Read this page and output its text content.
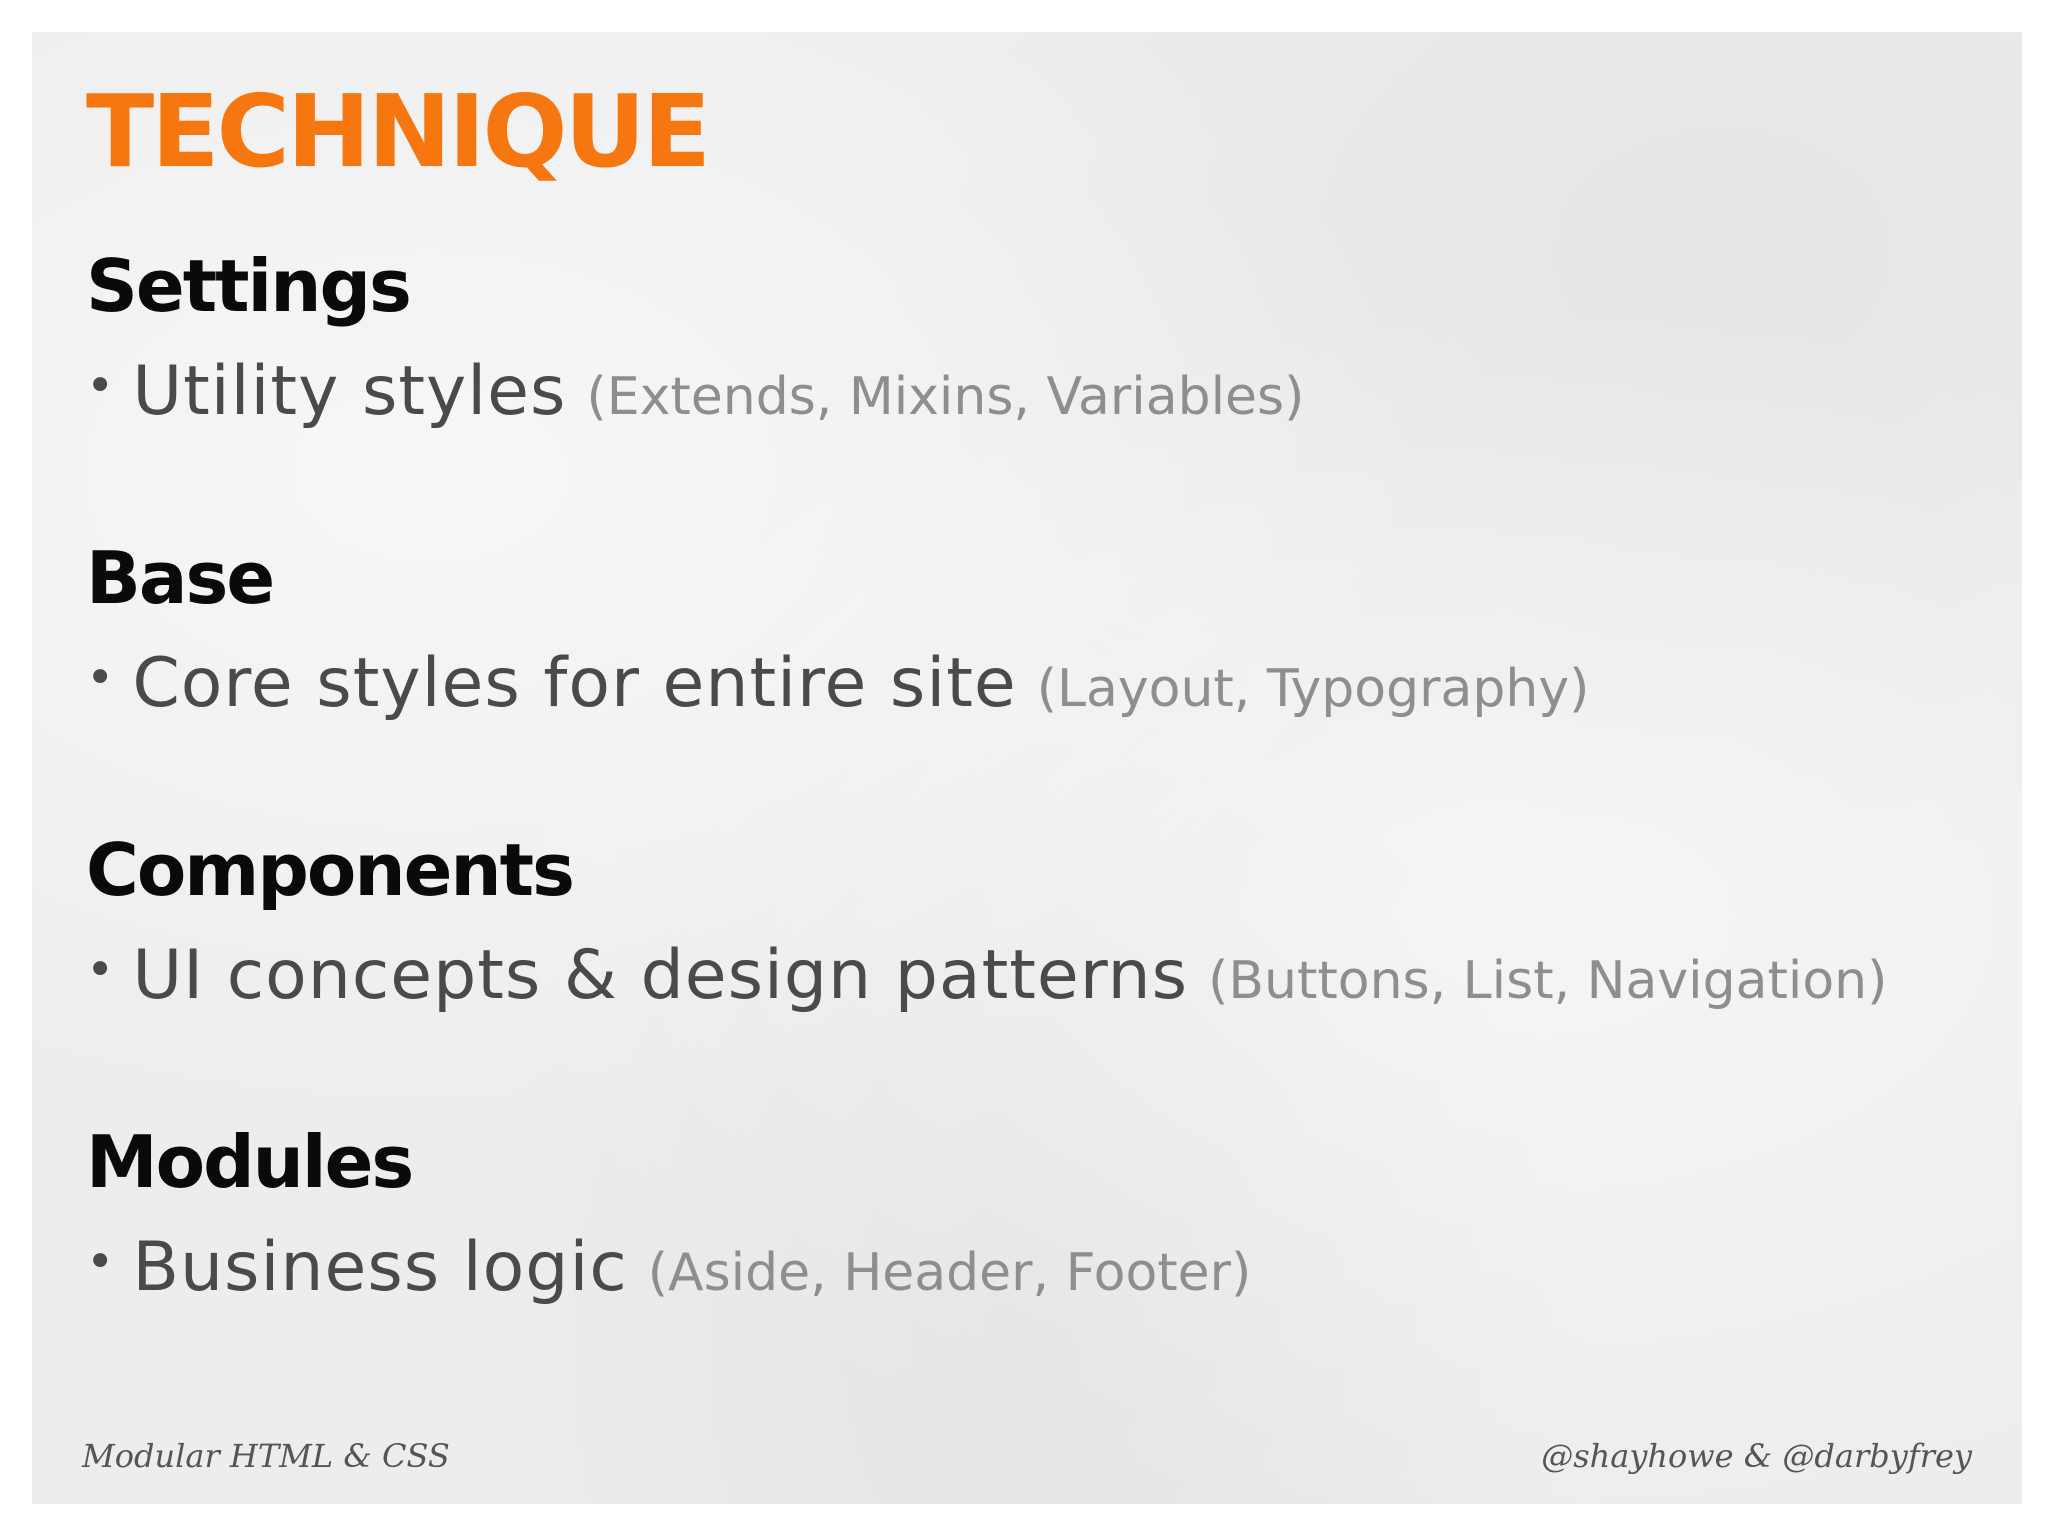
TECHNIQUE
Settings

• Utility styles (Extends, Mixins, Variables)

Base

• Core styles for entire site (Layout, Typography)

Components

• UI concepts & design patterns (Buttons, List, Navigation)

Modules

• Business logic (Aside, Header, Footer)

Modular HTML & CSS	@shayhowe & @darbyfrey
